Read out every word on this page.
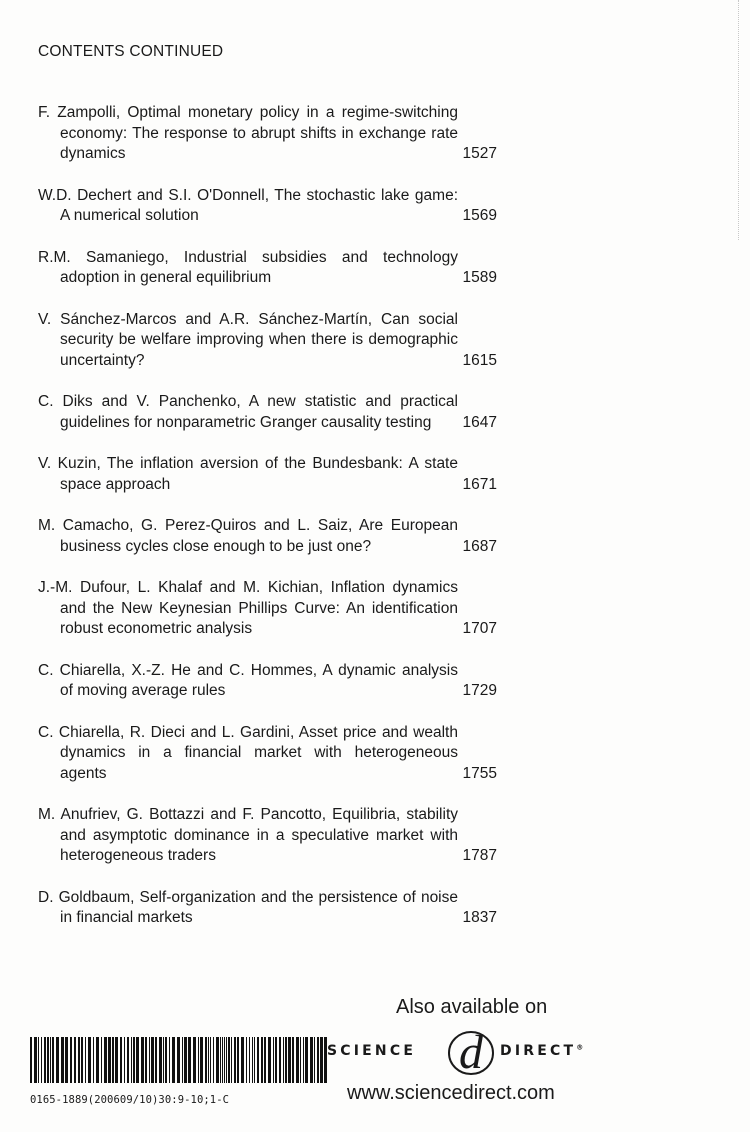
CONTENTS CONTINUED
F. Zampolli, Optimal monetary policy in a regime-switching economy: The response to abrupt shifts in exchange rate dynamics	1527
W.D. Dechert and S.I. O'Donnell, The stochastic lake game: A numerical solution	1569
R.M. Samaniego, Industrial subsidies and technology adoption in general equilibrium	1589
V. Sánchez-Marcos and A.R. Sánchez-Martín, Can social security be welfare improving when there is demographic uncertainty?	1615
C. Diks and V. Panchenko, A new statistic and practical guidelines for nonparametric Granger causality testing	1647
V. Kuzin, The inflation aversion of the Bundesbank: A state space approach	1671
M. Camacho, G. Perez-Quiros and L. Saiz, Are European business cycles close enough to be just one?	1687
J.-M. Dufour, L. Khalaf and M. Kichian, Inflation dynamics and the New Keynesian Phillips Curve: An identification robust econometric analysis	1707
C. Chiarella, X.-Z. He and C. Hommes, A dynamic analysis of moving average rules	1729
C. Chiarella, R. Dieci and L. Gardini, Asset price and wealth dynamics in a financial market with heterogeneous agents	1755
M. Anufriev, G. Bottazzi and F. Pancotto, Equilibria, stability and asymptotic dominance in a speculative market with heterogeneous traders	1787
D. Goldbaum, Self-organization and the persistence of noise in financial markets	1837
Also available on
0165-1889(200609/10)30:9-10;1-C
SCIENCE d DIRECT®
www.sciencedirect.com
